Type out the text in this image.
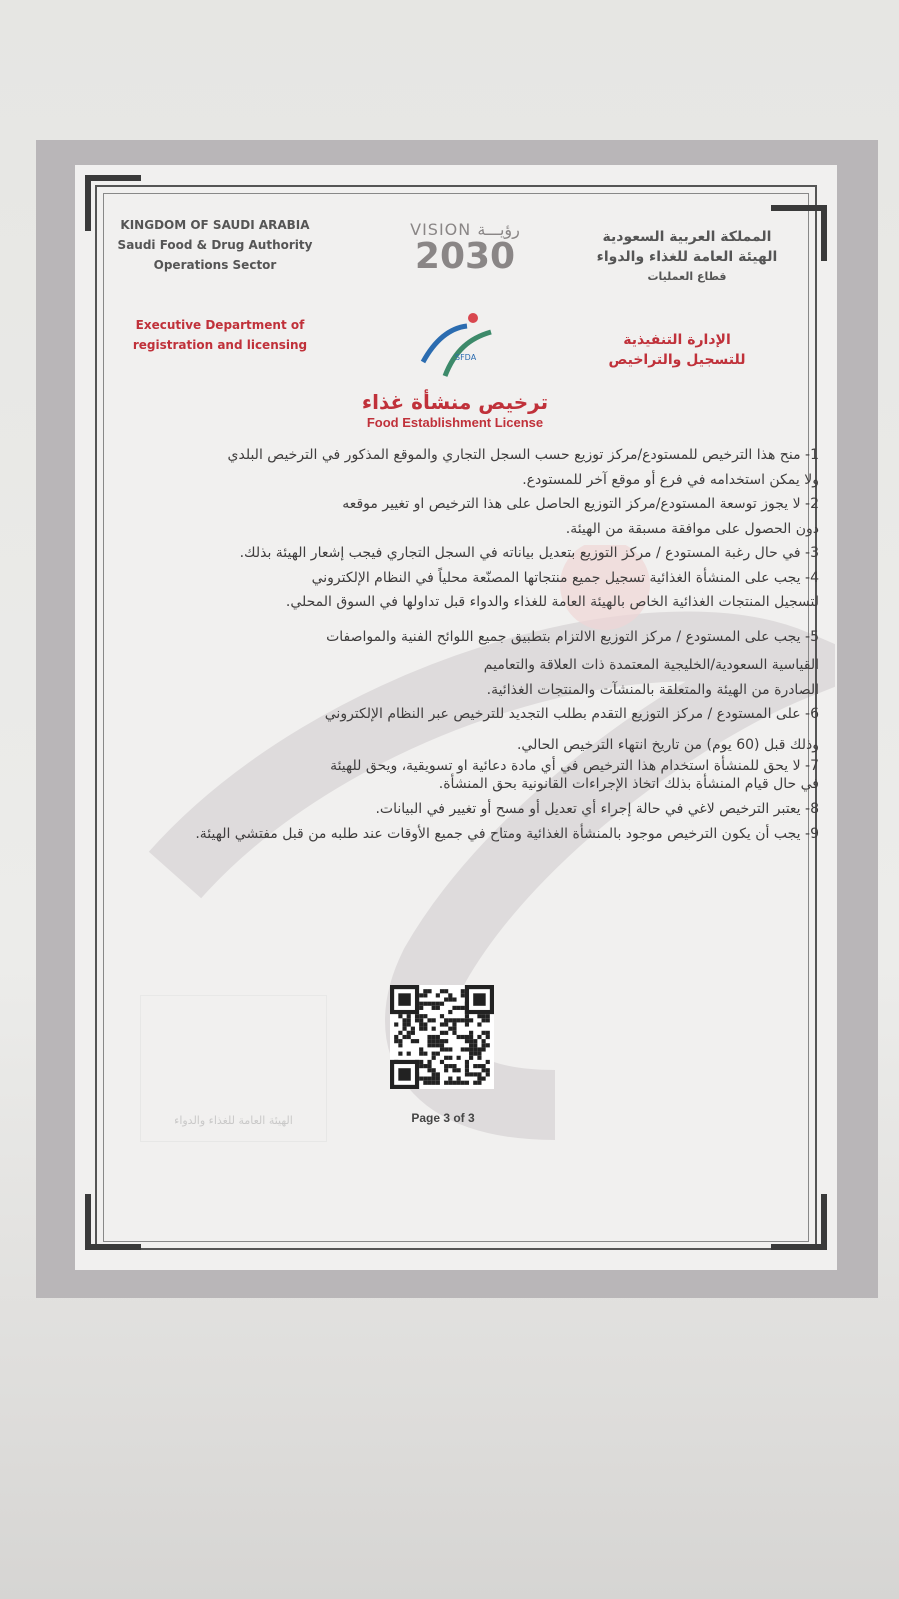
KINGDOM OF SAUDI ARABIA
Saudi Food & Drug Authority
Operations Sector
VISION رؤيـــة
2030	المملكة العربية السعودية
الهيئة العامة للغذاء والدواء
قطاع العمليات
Executive Department of
registration and licensing
SFDA
الإدارة التنفيذية
للتسجيل والتراخيص
ترخيص منشأة غذاء
Food Establishment License

1- منح هذا الترخيص للمستودع/مركز توزيع حسب السجل التجاري والموقع المذكور في الترخيص البلدي

ولا يمكن استخدامه في فرع أو موقع آخر للمستودع.

2- لا يجوز توسعة المستودع/مركز التوزيع الحاصل على هذا الترخيص او تغيير موقعه

دون الحصول على موافقة مسبقة من الهيئة.

3- في حال رغبة المستودع / مركز التوزيع بتعديل بياناته في السجل التجاري فيجب إشعار الهيئة بذلك.

4- يجب على المنشأة الغذائية تسجيل جميع منتجاتها المصنّعة محلياً في النظام الإلكتروني

لتسجيل المنتجات الغذائية الخاص بالهيئة العامة للغذاء والدواء قبل تداولها في السوق المحلي.

5- يجب على المستودع / مركز التوزيع الالتزام بتطبيق جميع اللوائح الفنية والمواصفات

القياسية السعودية/الخليجية المعتمدة ذات العلاقة والتعاميم

الصادرة من الهيئة والمتعلقة بالمنشآت والمنتجات الغذائية.

6- على المستودع / مركز التوزيع التقدم بطلب التجديد للترخيص عبر النظام الإلكتروني

وذلك قبل (60 يوم) من تاريخ انتهاء الترخيص الحالي.

7- لا يحق للمنشأة استخدام هذا الترخيص في أي مادة دعائية او تسويقية، ويحق للهيئة

في حال قيام المنشأة بذلك اتخاذ الإجراءات القانونية بحق المنشأة.

8- يعتبر الترخيص لاغي في حالة إجراء أي تعديل أو مسح أو تغيير في البيانات.

9- يجب أن يكون الترخيص موجود بالمنشأة الغذائية ومتاح في جميع الأوقات عند طلبه من قبل مفتشي الهيئة.

الهيئة العامة للغذاء والدواء	Page 3 of 3
